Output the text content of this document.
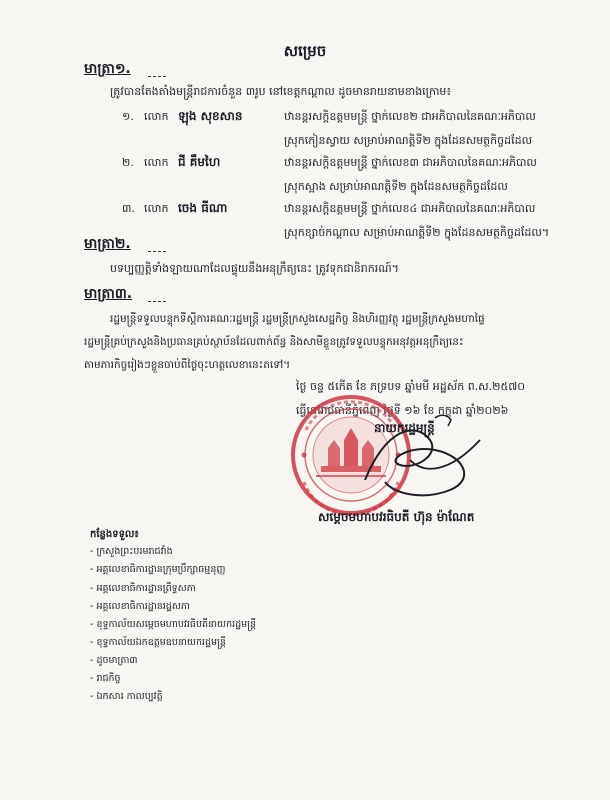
សម្រេច
មាត្រា១.
ត្រូវបានតែងតាំងមន្ត្រីរាជការចំនួន ៣រូប នៅខេត្តកណ្តាល ដូចមានរាយនាមខាងក្រោម៖
១. លោក ឡុង សុខសាន	ឋានន្តរសក្តិឧត្តមមន្ត្រី ថ្នាក់លេខ២ ជាអភិបាលនៃគណៈអភិបាល
ស្រុកកៀនស្វាយ សម្រាប់អាណត្តិទី២ ក្នុងដែនសមត្ថកិច្ចដដែល
២. លោក ជី គឹមហៃ	ឋានន្តរសក្តិឧត្តមមន្ត្រី ថ្នាក់លេខ៣ ជាអភិបាលនៃគណៈអភិបាល
ស្រុកស្អាង សម្រាប់អាណត្តិទី២ ក្នុងដែនសមត្ថកិច្ចដដែល
៣. លោក ចេង ធីណា	ឋានន្តរសក្តិឧត្តមមន្ត្រី ថ្នាក់លេខ៤ ជាអភិបាលនៃគណៈអភិបាល
ស្រុកខ្សាច់កណ្តាល សម្រាប់អាណត្តិទី២ ក្នុងដែនសមត្ថកិច្ចដដែល។
មាត្រា២.
បទប្បញ្ញត្តិទាំងឡាយណាដែលផ្ទុយនឹងអនុក្រឹត្យនេះ ត្រូវទុកជានិរាករណ៍។
មាត្រា៣.
រដ្ឋមន្ត្រីទទួលបន្ទុកទីស្តីការគណៈរដ្ឋមន្ត្រី រដ្ឋមន្ត្រីក្រសួងសេដ្ឋកិច្ច និងហិរញ្ញវត្ថុ រដ្ឋមន្ត្រីក្រសួងមហាផ្ទៃ
រដ្ឋមន្ត្រីគ្រប់ក្រសួងនិងប្រធានគ្រប់ស្ថាប័នដែលពាក់ព័ន្ធ និងសាមីខ្លួនត្រូវទទួលបន្ទុកអនុវត្តអនុក្រឹត្យនេះ
តាមភារកិច្ចរៀងៗខ្លួនចាប់ពីថ្ងៃចុះហត្ថលេខានេះតទៅ។
ថ្ងៃ ចន្ទ ៥កើត ខែ ភទ្របទ ឆ្នាំមមី អដ្ឋស័ក ព.ស.២៥៧០
ធ្វើនៅរាជធានីភ្នំពេញ ថ្ងៃទី ១៦ ខែ កក្កដា ឆ្នាំ២០២៦
នាយករដ្ឋមន្ត្រី
សម្តេចមហាបវរធិបតី ហ៊ុន ម៉ាណែត
កន្លែងទទួល៖
- ក្រសួងព្រះបរមរាជវាំង
- អគ្គលេខាធិការដ្ឋានក្រុមប្រឹក្សាធម្មនុញ្ញ
- អគ្គលេខាធិការដ្ឋានព្រឹទ្ធសភា
- អគ្គលេខាធិការដ្ឋានរដ្ឋសភា
- ខុទ្ទកាល័យសម្តេចមហាបវរធិបតីនាយករដ្ឋមន្ត្រី
- ខុទ្ទកាល័យឯកឧត្តមឧបនាយករដ្ឋមន្ត្រី
- ដូចមាត្រា៣
- រាជកិច្ច
- ឯកសារ កាលប្បវត្តិ
